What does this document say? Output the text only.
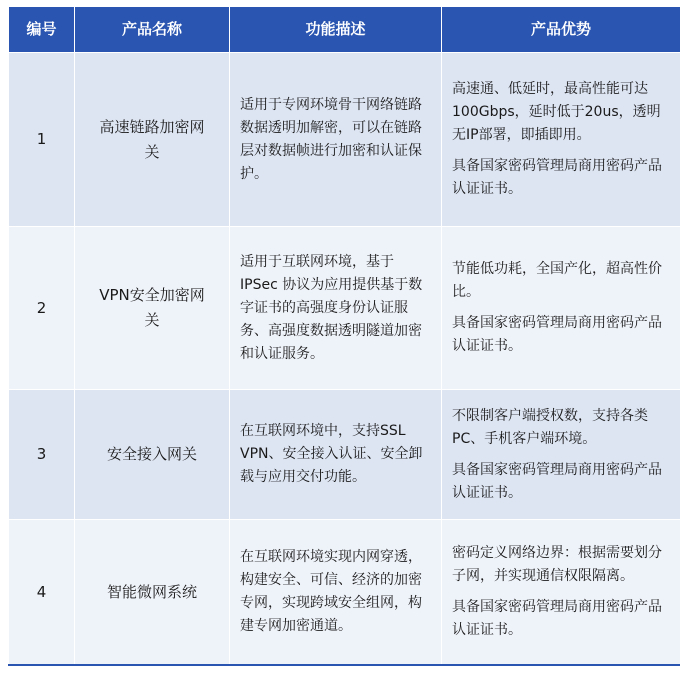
编号	产品名称	功能描述	产品优势
1	高速链路加密网关	适用于专网环境骨干网络链路数据透明加解密，可以在链路层对数据帧进行加密和认证保护。	高速通、低延时，最高性能可达100Gbps，延时低于20us，透明无IP部署，即插即用。
具备国家密码管理局商用密码产品认证证书。

2	VPN安全加密网关	适用于互联网环境，基于 IPSec 协议为应用提供基于数字证书的高强度身份认证服务、高强度数据透明隧道加密和认证服务。	节能低功耗，全国产化，超高性价比。
具备国家密码管理局商用密码产品认证证书。

3	安全接入网关	在互联网环境中，支持SSL VPN、安全接入认证、安全卸载与应用交付功能。	不限制客户端授权数，支持各类PC、手机客户端环境。
具备国家密码管理局商用密码产品认证证书。

4	智能微网系统	在互联网环境实现内网穿透，构建安全、可信、经济的加密专网，实现跨域安全组网，构建专网加密通道。	密码定义网络边界：根据需要划分子网，并实现通信权限隔离。
具备国家密码管理局商用密码产品认证证书。
